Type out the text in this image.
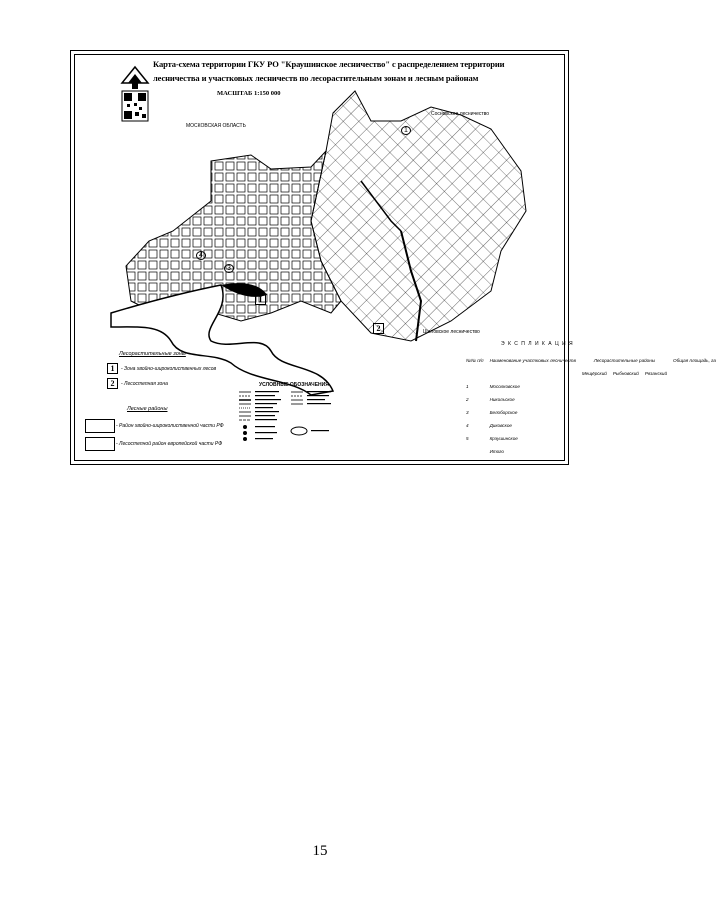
Карта-схема территории ГКУ РО "Краушинское лесничество" с распределением территории лесничества и участковых лесничеств по лесорастительным зонам и лесным районам
МАСШТАБ 1:150 000
МОСКОВСКАЯ ОБЛАСТЬ
Сосновское лесничество
Шиловское лесничество
I
2
1
3
4
Лесорастительные зоны
1	- Зона хвойно-широколиственных лесов
2	- Лесостепная зона
Лесные районы
- Район хвойно-широколиственной части РФ
- Лесостепной район европейской части РФ
УСЛОВНЫЕ ОБОЗНАЧЕНИЯ
Э К С П Л И К А Ц И Я
№№ п/п	Наименование участковых лесничеств	Лесорастительные районы			Общая площадь, га
		Мещёрский	Рыбновский	Рязанский	
1	Мосолковское				
2	Никольское				
3	Белоборское				
4	Диковское				
5	Крэушинское				
	Итого				
15
